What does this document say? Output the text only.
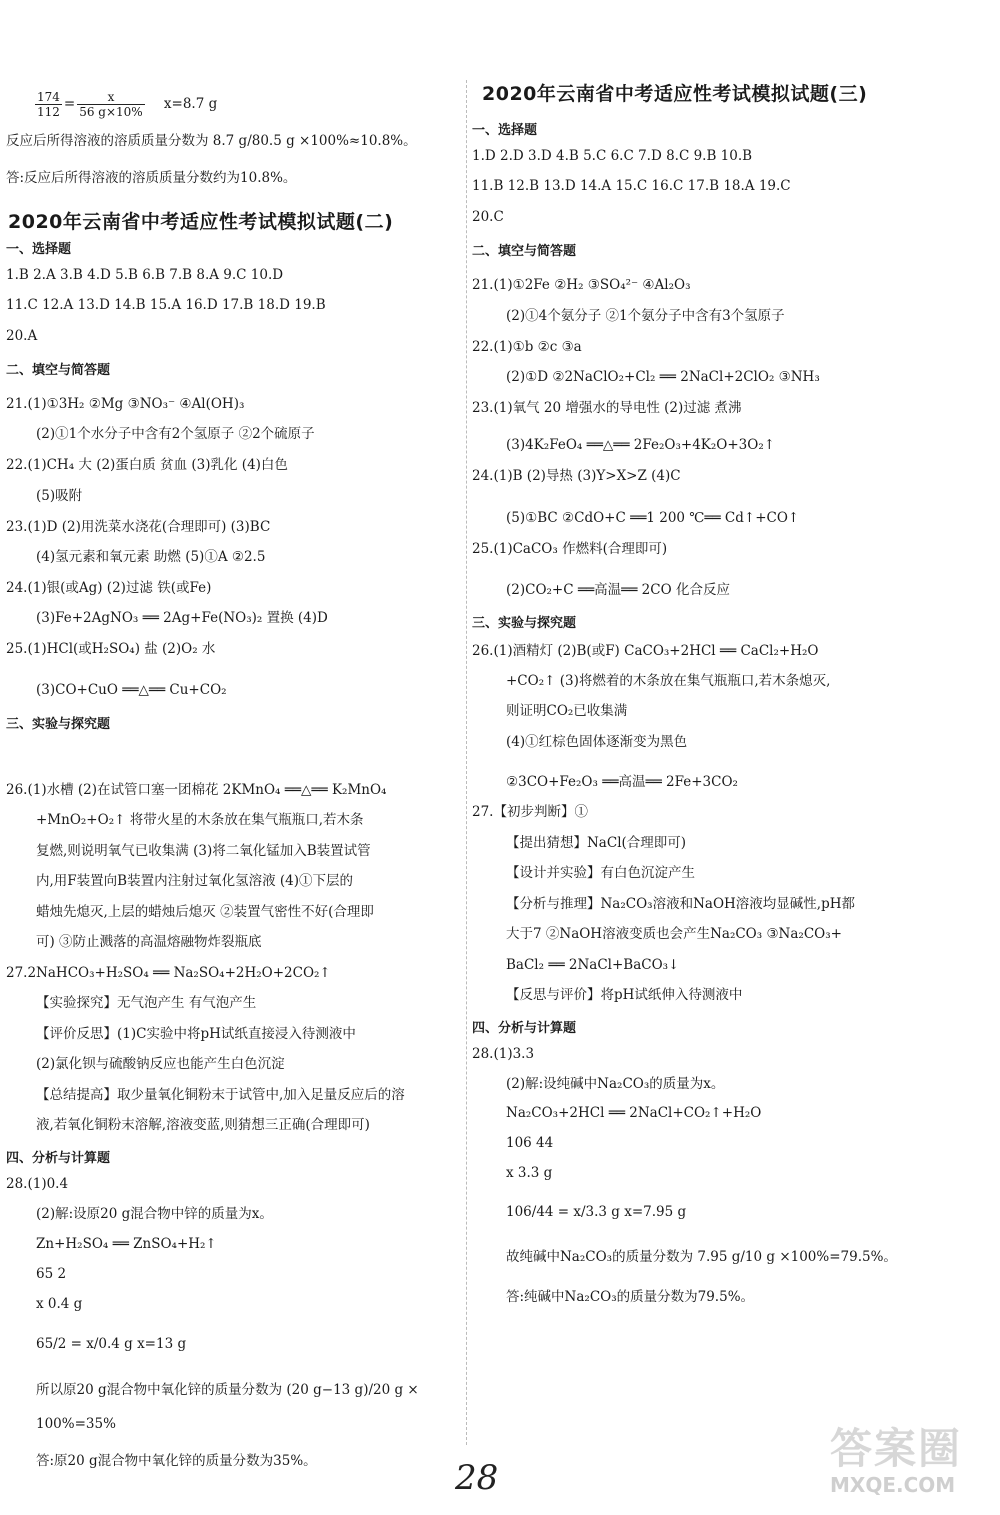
$\frac{174}{112} = \frac{x}{56 g\times 10\%} x=8.7$ g
2020年云南省中考适应性考试模拟试题(二)
反应后所得溶液的溶质质量分数为 8.7 g/80.5 g ×100%≈10.8%。
答:反应后所得溶液的溶质质量分数约为10.8%。
一、选择题
1.B 2.A 3.B 4.D 5.B 6.B 7.B 8.A 9.C 10.D
11.C 12.A 13.D 14.B 15.A 16.D 17.B 18.D 19.B
20.A
二、填空与简答题
21.(1)①3H₂ ②Mg ③NO₃⁻ ④Al(OH)₃
(2)①1个水分子中含有2个氢原子 ②2个硫原子
22.(1)CH₄ 大 (2)蛋白质 贫血 (3)乳化 (4)白色
(5)吸附
23.(1)D (2)用洗菜水浇花(合理即可) (3)BC
(4)氢元素和氧元素 助燃 (5)①A ②2.5
24.(1)银(或Ag) (2)过滤 铁(或Fe)
(3)Fe+2AgNO₃ ══ 2Ag+Fe(NO₃)₂ 置换 (4)D
25.(1)HCl(或H₂SO₄) 盐 (2)O₂ 水
(3)CO+CuO ══△══ Cu+CO₂
三、实验与探究题
26.(1)水槽 (2)在试管口塞一团棉花 2KMnO₄ ══△══ K₂MnO₄
+MnO₂+O₂↑ 将带火星的木条放在集气瓶瓶口,若木条
复燃,则说明氧气已收集满 (3)将二氧化锰加入B装置试管
内,用F装置向B装置内注射过氧化氢溶液 (4)①下层的
蜡烛先熄灭,上层的蜡烛后熄灭 ②装置气密性不好(合理即
可) ③防止溅落的高温熔融物炸裂瓶底
27.2NaHCO₃+H₂SO₄ ══ Na₂SO₄+2H₂O+2CO₂↑
【实验探究】无气泡产生 有气泡产生
【评价反思】(1)C实验中将pH试纸直接浸入待测液中
(2)氯化钡与硫酸钠反应也能产生白色沉淀
【总结提高】取少量氧化铜粉末于试管中,加入足量反应后的溶
液,若氧化铜粉末溶解,溶液变蓝,则猜想三正确(合理即可)
四、分析与计算题
28.(1)0.4
(2)解:设原20 g混合物中锌的质量为x。
Zn+H₂SO₄ ══ ZnSO₄+H₂↑
65 2
x 0.4 g
65/2 = x/0.4 g x=13 g
所以原20 g混合物中氧化锌的质量分数为 (20 g−13 g)/20 g ×
100%=35%
答:原20 g混合物中氧化锌的质量分数为35%。
2020年云南省中考适应性考试模拟试题(三)
一、选择题
1.D 2.D 3.D 4.B 5.C 6.C 7.D 8.C 9.B 10.B
11.B 12.B 13.D 14.A 15.C 16.C 17.B 18.A 19.C
20.C
二、填空与简答题
21.(1)①2Fe ②H₂ ③SO₄²⁻ ④Al₂O₃
(2)①4个氨分子 ②1个氨分子中含有3个氢原子
22.(1)①b ②c ③a
(2)①D ②2NaClO₂+Cl₂ ══ 2NaCl+2ClO₂ ③NH₃
23.(1)氧气 20 增强水的导电性 (2)过滤 煮沸
(3)4K₂FeO₄ ══△══ 2Fe₂O₃+4K₂O+3O₂↑
24.(1)B (2)导热 (3)Y>X>Z (4)C
(5)①BC ②CdO+C ══1 200 ℃══ Cd↑+CO↑
25.(1)CaCO₃ 作燃料(合理即可)
(2)CO₂+C ══高温══ 2CO 化合反应
三、实验与探究题
26.(1)酒精灯 (2)B(或F) CaCO₃+2HCl ══ CaCl₂+H₂O
+CO₂↑ (3)将燃着的木条放在集气瓶瓶口,若木条熄灭,
则证明CO₂已收集满
(4)①红棕色固体逐渐变为黑色
②3CO+Fe₂O₃ ══高温══ 2Fe+3CO₂
27.【初步判断】①
【提出猜想】NaCl(合理即可)
【设计并实验】有白色沉淀产生
【分析与推理】Na₂CO₃溶液和NaOH溶液均显碱性,pH都
大于7 ②NaOH溶液变质也会产生Na₂CO₃ ③Na₂CO₃+
BaCl₂ ══ 2NaCl+BaCO₃↓
【反思与评价】将pH试纸伸入待测液中
四、分析与计算题
28.(1)3.3
(2)解:设纯碱中Na₂CO₃的质量为x。
Na₂CO₃+2HCl ══ 2NaCl+CO₂↑+H₂O
106 44
x 3.3 g
106/44 = x/3.3 g x=7.95 g
故纯碱中Na₂CO₃的质量分数为 7.95 g/10 g ×100%=79.5%。
答:纯碱中Na₂CO₃的质量分数为79.5%。
28
答案圈
MXQE.COM
